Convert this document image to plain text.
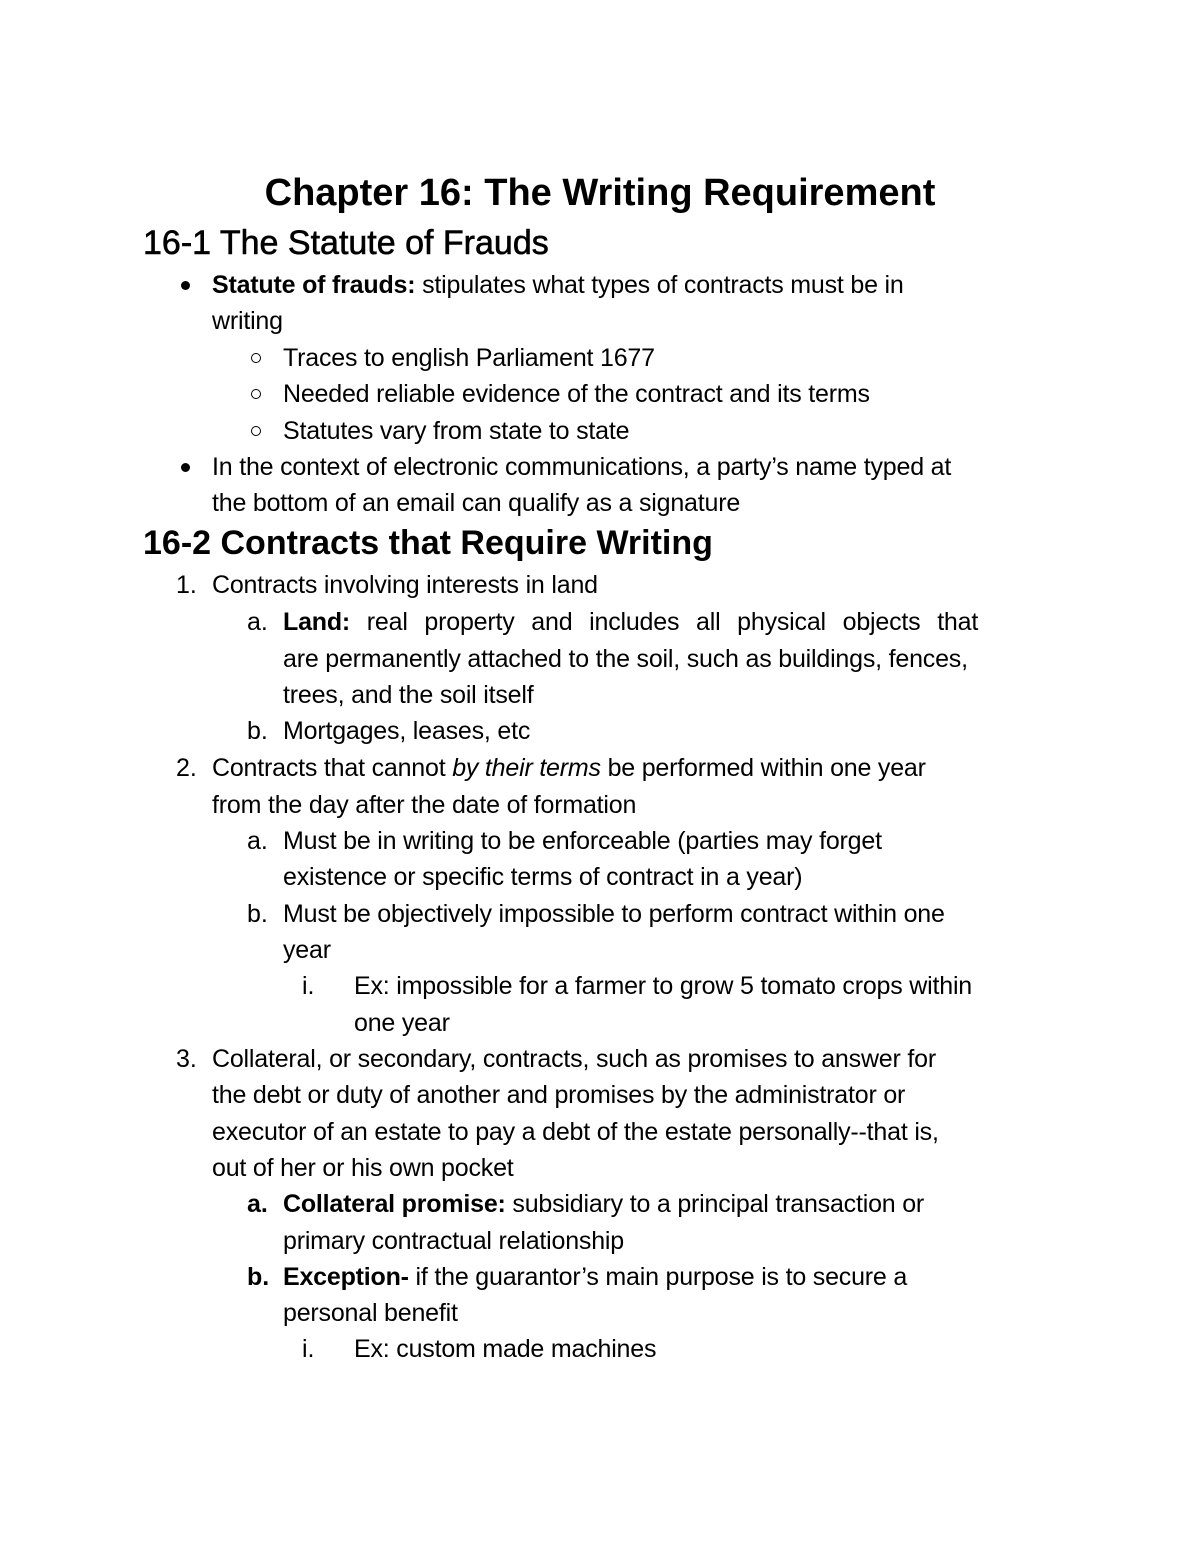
Chapter 16: The Writing Requirement
16-1 The Statute of Frauds
Statute of frauds: stipulates what types of contracts must be in
writing
Traces to english Parliament 1677
Needed reliable evidence of the contract and its terms
Statutes vary from state to state
In the context of electronic communications, a party’s name typed at
the bottom of an email can qualify as a signature
16-2 Contracts that Require Writing
1. Contracts involving interests in land
a. Land: real property and includes all physical objects that
are permanently attached to the soil, such as buildings, fences,
trees, and the soil itself
b. Mortgages, leases, etc
2. Contracts that cannot by their terms be performed within one year
from the day after the date of formation
a. Must be in writing to be enforceable (parties may forget
existence or specific terms of contract in a year)
b. Must be objectively impossible to perform contract within one
year
i. Ex: impossible for a farmer to grow 5 tomato crops within
one year
3. Collateral, or secondary, contracts, such as promises to answer for
the debt or duty of another and promises by the administrator or
executor of an estate to pay a debt of the estate personally--that is,
out of her or his own pocket
a. Collateral promise: subsidiary to a principal transaction or
primary contractual relationship
b. Exception- if the guarantor’s main purpose is to secure a
personal benefit
i. Ex: custom made machines
